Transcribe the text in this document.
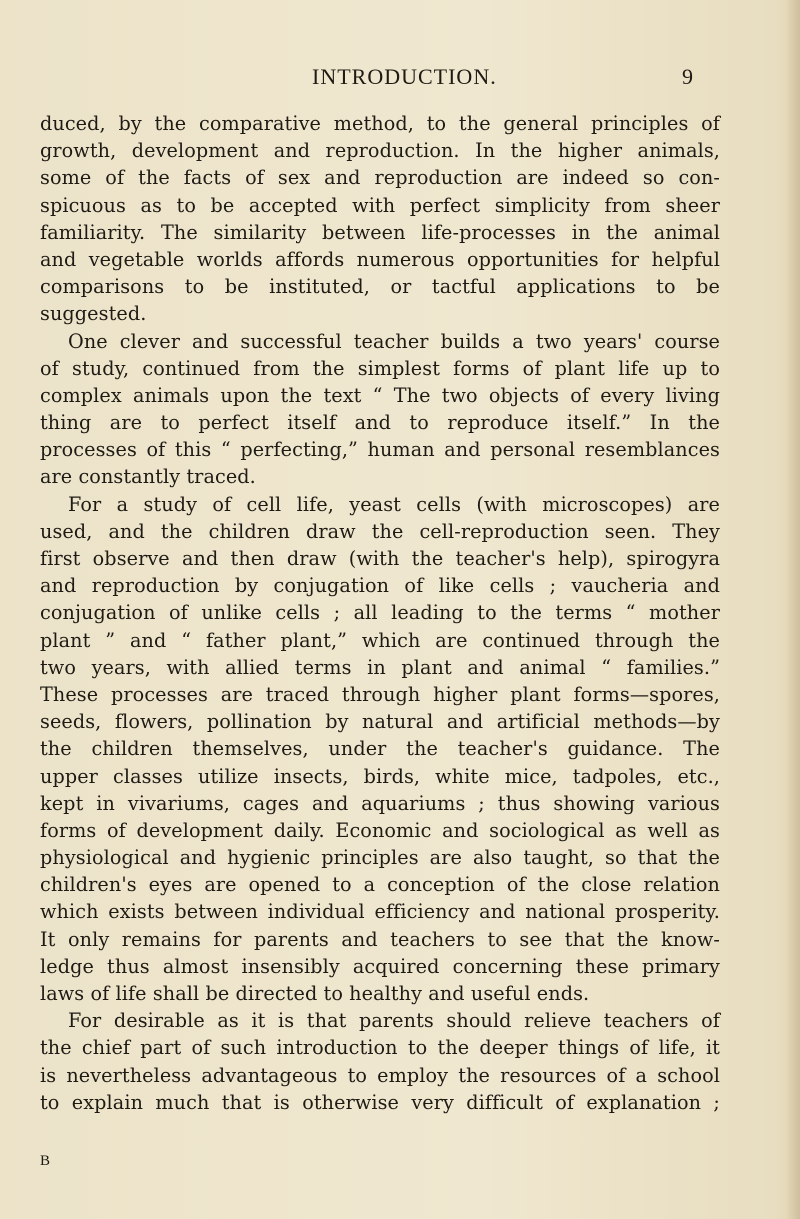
INTRODUCTION.	9
duced, by the comparative method, to the general principles of
growth, development and reproduction. In the higher animals,
some of the facts of sex and reproduction are indeed so con-
spicuous as to be accepted with perfect simplicity from sheer
familiarity. The similarity between life-processes in the animal
and vegetable worlds affords numerous opportunities for helpful
comparisons to be instituted, or tactful applications to be
suggested.
One clever and successful teacher builds a two years' course
of study, continued from the simplest forms of plant life up to
complex animals upon the text “ The two objects of every living
thing are to perfect itself and to reproduce itself.” In the
processes of this “ perfecting,” human and personal resemblances
are constantly traced.
For a study of cell life, yeast cells (with microscopes) are
used, and the children draw the cell-reproduction seen. They
first observe and then draw (with the teacher's help), spirogyra
and reproduction by conjugation of like cells ; vaucheria and
conjugation of unlike cells ; all leading to the terms “ mother
plant ” and “ father plant,” which are continued through the
two years, with allied terms in plant and animal “ families.”
These processes are traced through higher plant forms—spores,
seeds, flowers, pollination by natural and artificial methods—by
the children themselves, under the teacher's guidance. The
upper classes utilize insects, birds, white mice, tadpoles, etc.,
kept in vivariums, cages and aquariums ; thus showing various
forms of development daily. Economic and sociological as well as
physiological and hygienic principles are also taught, so that the
children's eyes are opened to a conception of the close relation
which exists between individual efficiency and national prosperity.
It only remains for parents and teachers to see that the know-
ledge thus almost insensibly acquired concerning these primary
laws of life shall be directed to healthy and useful ends.
For desirable as it is that parents should relieve teachers of
the chief part of such introduction to the deeper things of life, it
is nevertheless advantageous to employ the resources of a school
to explain much that is otherwise very difficult of explanation ;
B
